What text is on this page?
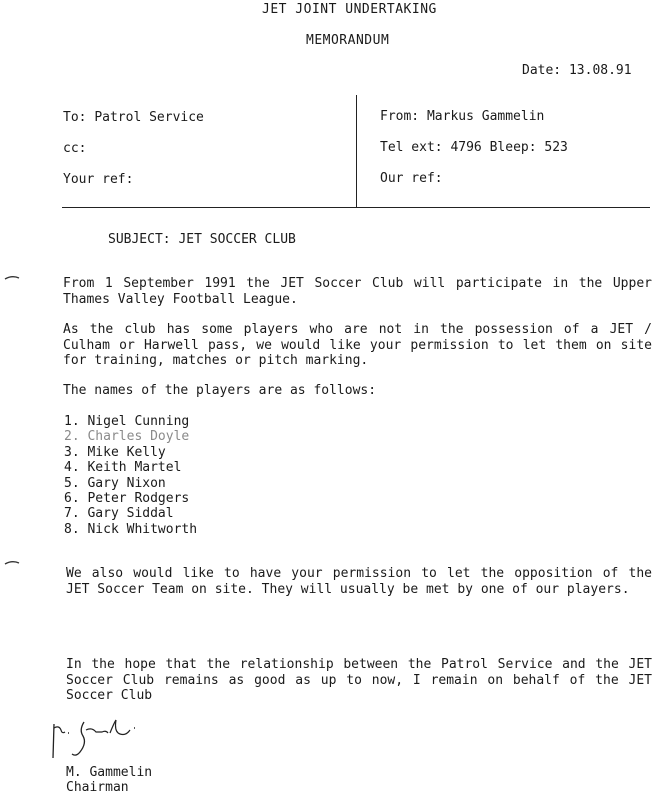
JET JOINT UNDERTAKING
MEMORANDUM
Date: 13.08.91
To: Patrol Service
cc:
Your ref:
From: Markus Gammelin
Tel ext: 4796 Bleep: 523
Our ref:
SUBJECT: JET SOCCER CLUB
From 1 September 1991 the JET Soccer Club will participate in the Upper Thames Valley Football League.
As the club has some players who are not in the possession of a JET / Culham or Harwell pass, we would like your permission to let them on site for training, matches or pitch marking.
The names of the players are as follows:
1. Nigel Cunning
2. Charles Doyle
3. Mike Kelly
4. Keith Martel
5. Gary Nixon
6. Peter Rodgers
7. Gary Siddal
8. Nick Whitworth
We also would like to have your permission to let the opposition of the JET Soccer Team on site. They will usually be met by one of our players.
In the hope that the relationship between the Patrol Service and the JET Soccer Club remains as good as up to now, I remain on behalf of the JET Soccer Club
M. Gammelin
Chairman
